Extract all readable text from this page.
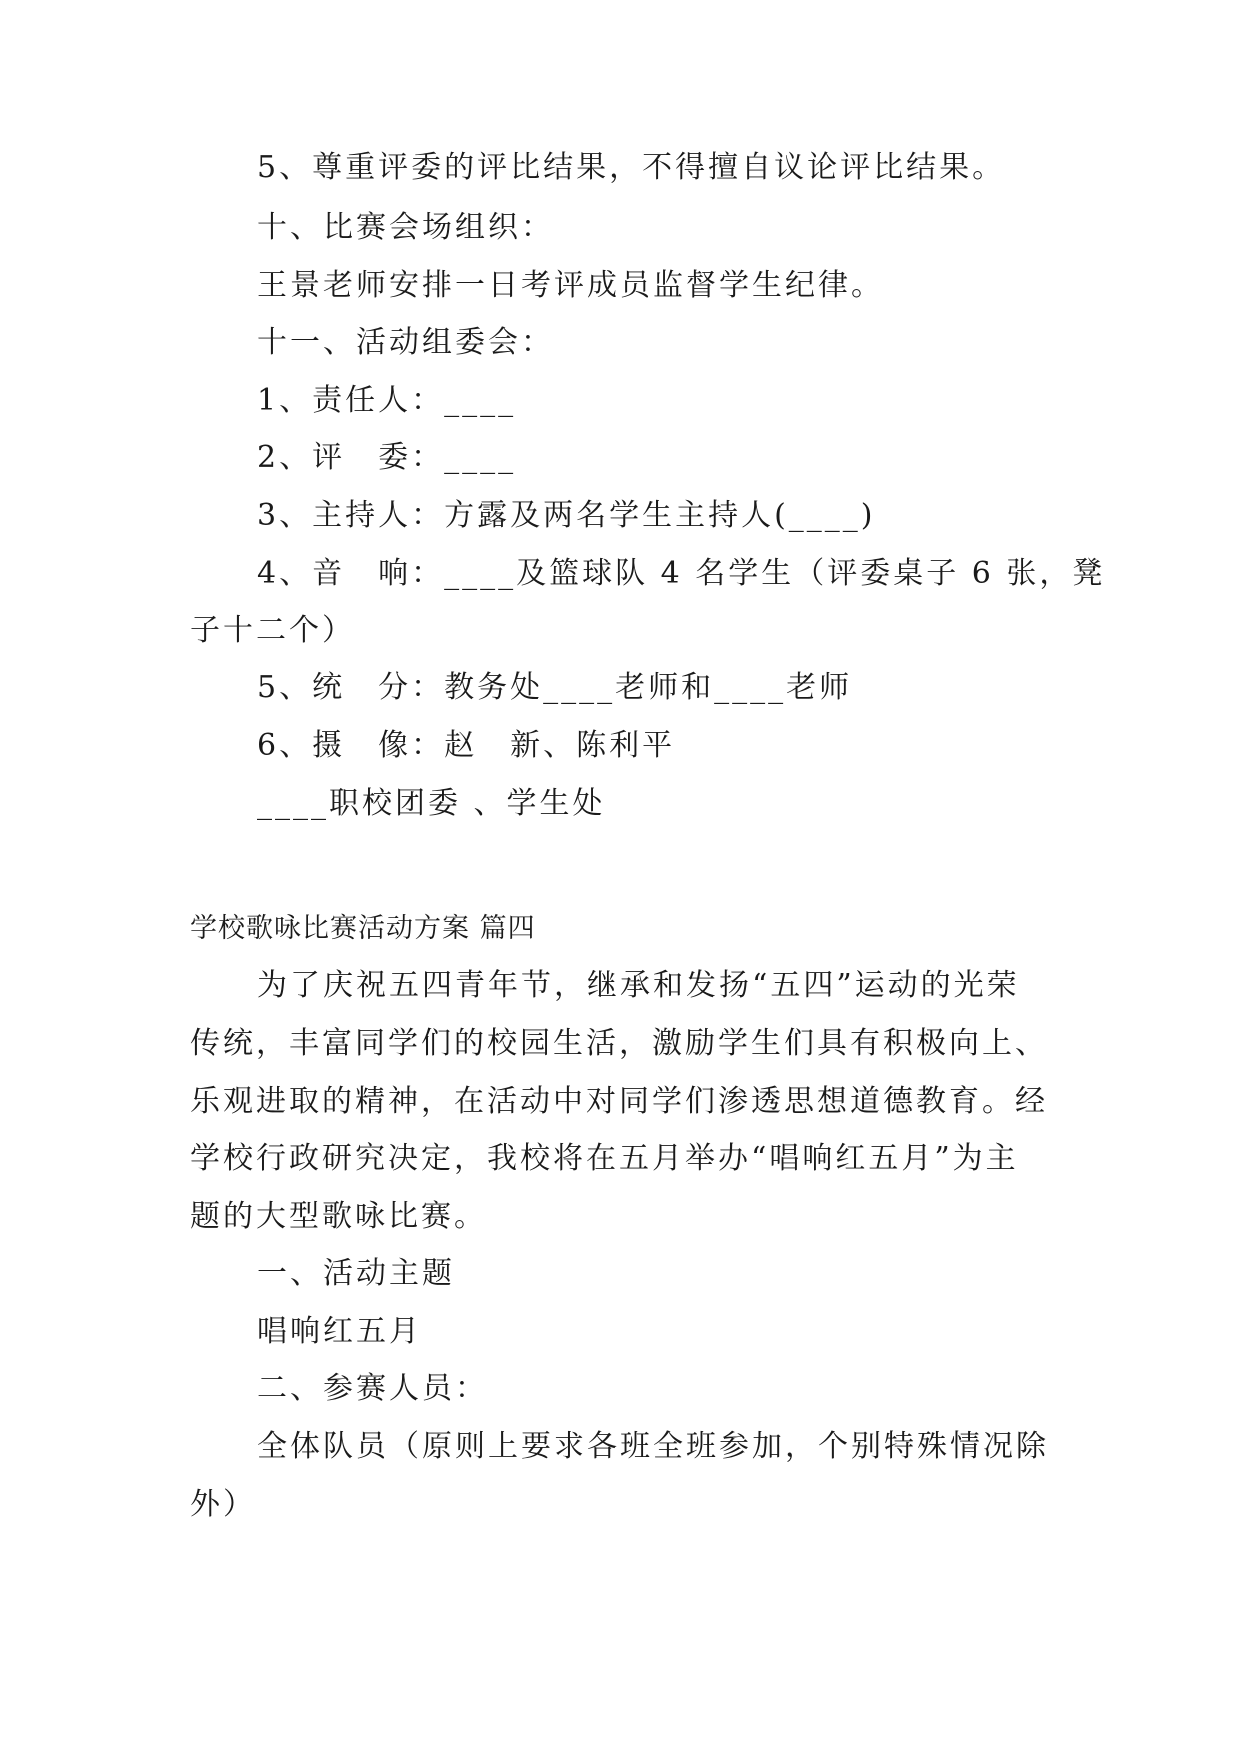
5、尊重评委的评比结果，不得擅自议论评比结果。
十、比赛会场组织：
王景老师安排一日考评成员监督学生纪律。
十一、活动组委会：
1、责任人：____
2、评　委：____
3、主持人：方露及两名学生主持人(____)
4、音　响：____及篮球队 4 名学生（评委桌子 6 张，凳
子十二个）
5、统　分：教务处____老师和____老师
6、摄　像：赵　新、陈利平
____职校团委 、学生处
学校歌咏比赛活动方案 篇四
为了庆祝五四青年节，继承和发扬“五四”运动的光荣
传统，丰富同学们的校园生活，激励学生们具有积极向上、
乐观进取的精神，在活动中对同学们渗透思想道德教育。经
学校行政研究决定，我校将在五月举办“唱响红五月”为主
题的大型歌咏比赛。
一、活动主题
唱响红五月
二、参赛人员：
全体队员（原则上要求各班全班参加，个别特殊情况除
外）
